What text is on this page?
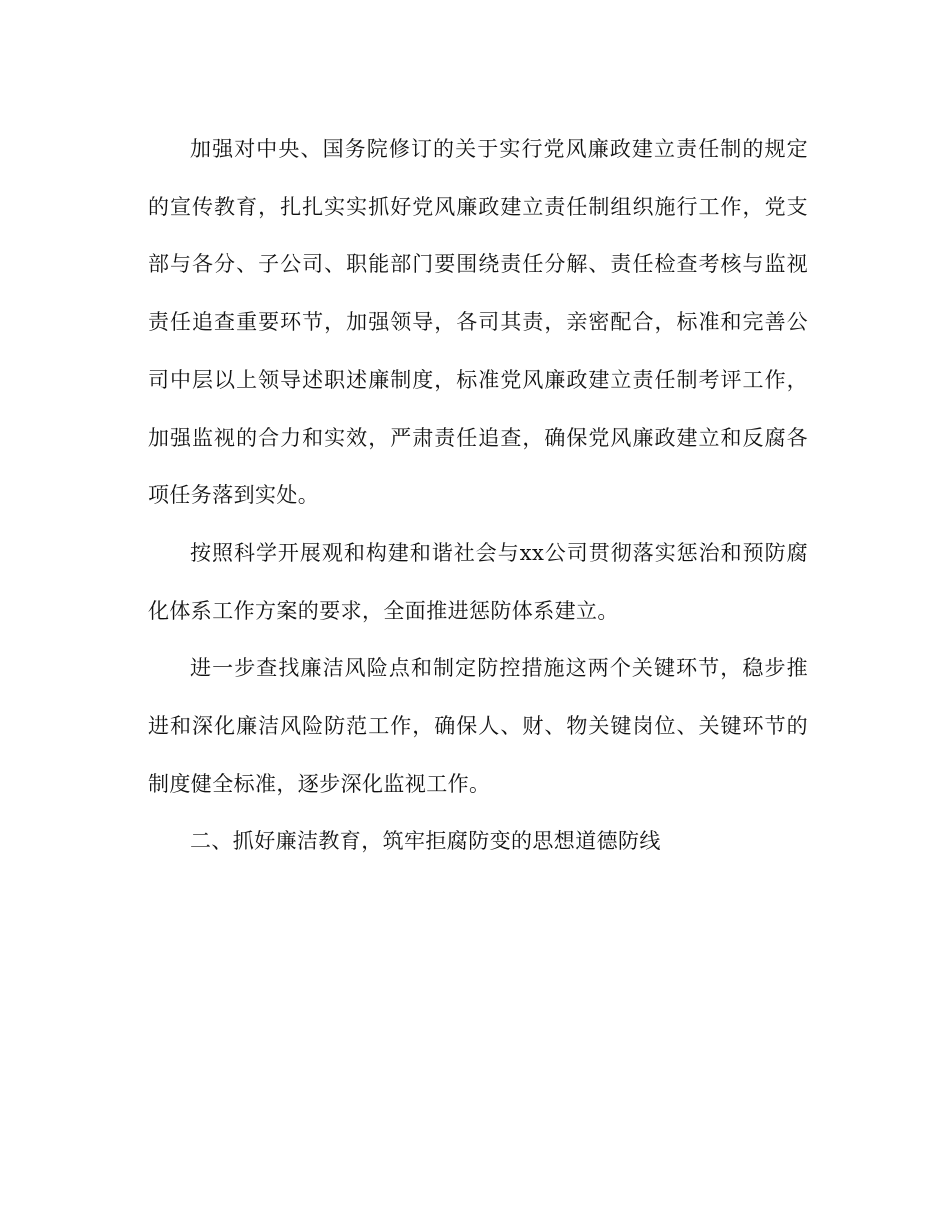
加强对中央、国务院修订的关于实行党风廉政建立责任制的规定的宣传教育，扎扎实实抓好党风廉政建立责任制组织施行工作，党支部与各分、子公司、职能部门要围绕责任分解、责任检查考核与监视责任追查重要环节，加强领导，各司其责，亲密配合，标准和完善公司中层以上领导述职述廉制度，标准党风廉政建立责任制考评工作，加强监视的合力和实效，严肃责任追查，确保党风廉政建立和反腐各项任务落到实处。

按照科学开展观和构建和谐社会与xx公司贯彻落实惩治和预防腐化体系工作方案的要求，全面推进惩防体系建立。

进一步查找廉洁风险点和制定防控措施这两个关键环节，稳步推进和深化廉洁风险防范工作，确保人、财、物关键岗位、关键环节的制度健全标准，逐步深化监视工作。

二、抓好廉洁教育，筑牢拒腐防变的思想道德防线
